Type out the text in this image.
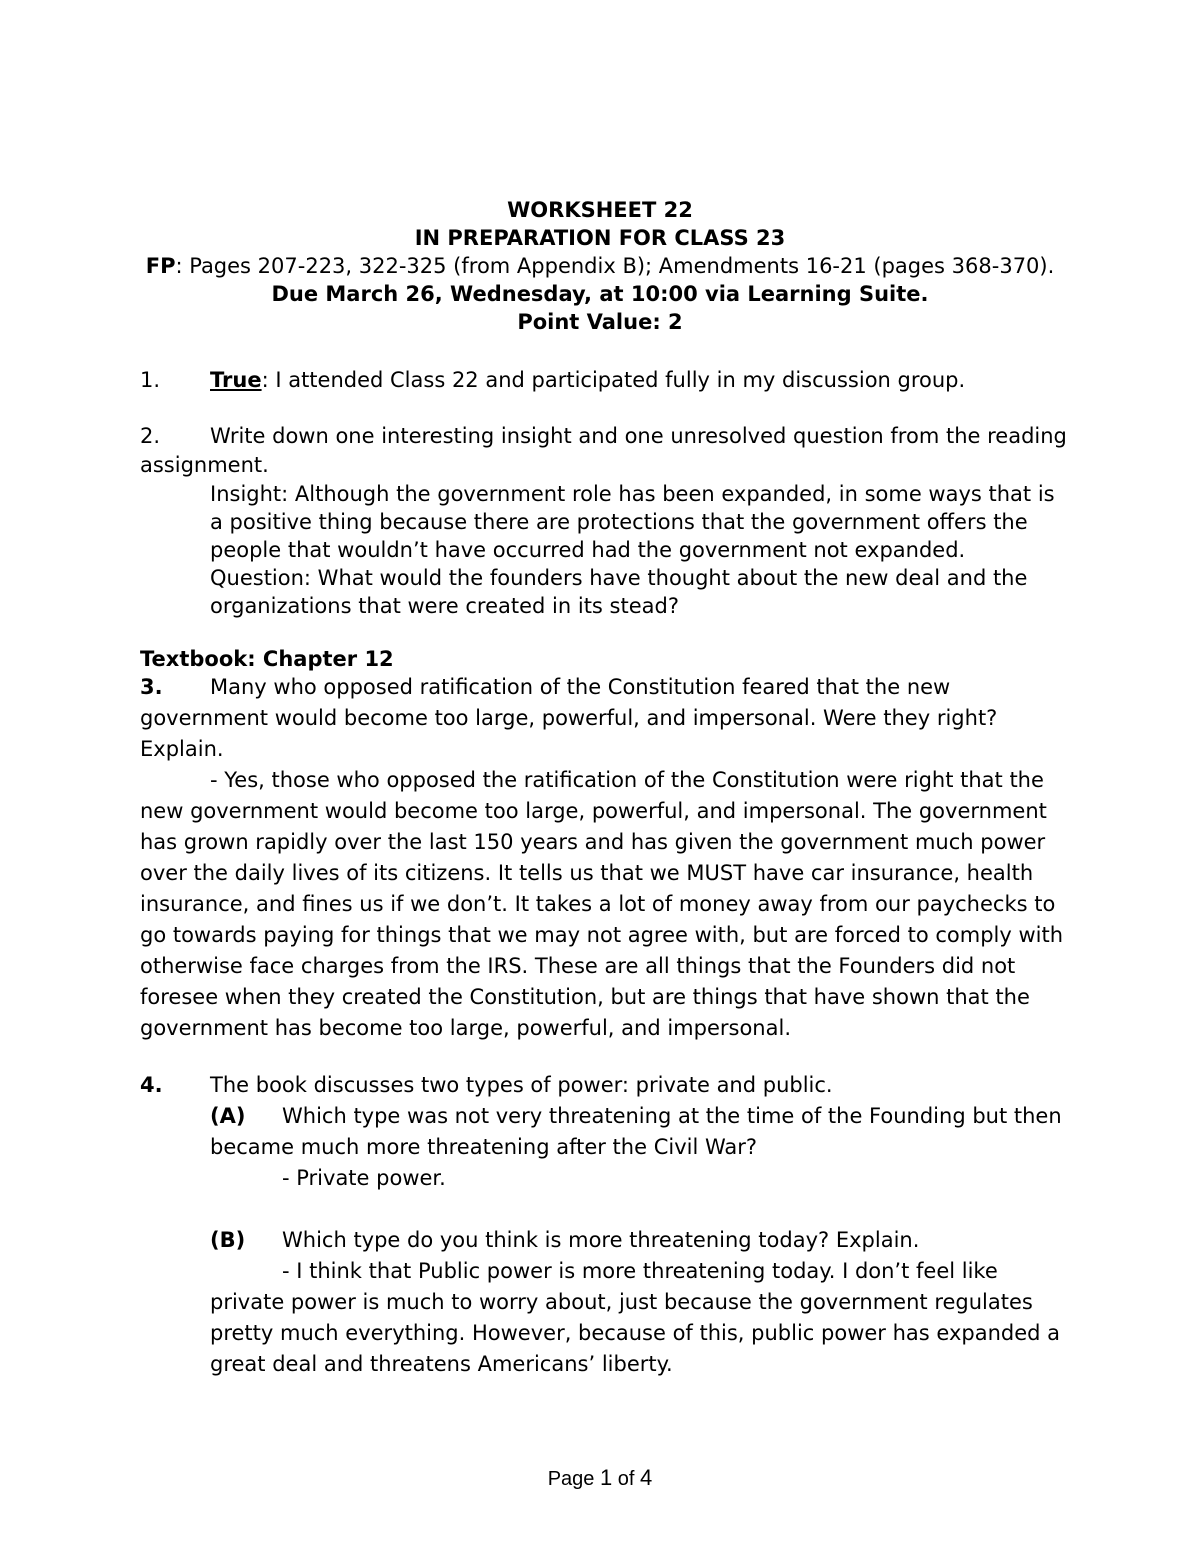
WORKSHEET 22
IN PREPARATION FOR CLASS 23
FP: Pages 207-223, 322-325 (from Appendix B); Amendments 16-21 (pages 368-370).
Due March 26, Wednesday, at 10:00 via Learning Suite.
Point Value: 2
1. True: I attended Class 22 and participated fully in my discussion group.
2. Write down one interesting insight and one unresolved question from the reading
assignment.
Insight: Although the government role has been expanded, in some ways that is
a positive thing because there are protections that the government offers the
people that wouldn’t have occurred had the government not expanded.
Question: What would the founders have thought about the new deal and the
organizations that were created in its stead?
Textbook: Chapter 12
3. Many who opposed ratification of the Constitution feared that the new
government would become too large, powerful, and impersonal. Were they right?
Explain.
- Yes, those who opposed the ratification of the Constitution were right that the
new government would become too large, powerful, and impersonal. The government
has grown rapidly over the last 150 years and has given the government much power
over the daily lives of its citizens. It tells us that we MUST have car insurance, health
insurance, and fines us if we don’t. It takes a lot of money away from our paychecks to
go towards paying for things that we may not agree with, but are forced to comply with
otherwise face charges from the IRS. These are all things that the Founders did not
foresee when they created the Constitution, but are things that have shown that the
government has become too large, powerful, and impersonal.
4. The book discusses two types of power: private and public.
(A) Which type was not very threatening at the time of the Founding but then
became much more threatening after the Civil War?
- Private power.
(B) Which type do you think is more threatening today? Explain.
- I think that Public power is more threatening today. I don’t feel like
private power is much to worry about, just because the government regulates
pretty much everything. However, because of this, public power has expanded a
great deal and threatens Americans’ liberty.
Page 1 of 4
